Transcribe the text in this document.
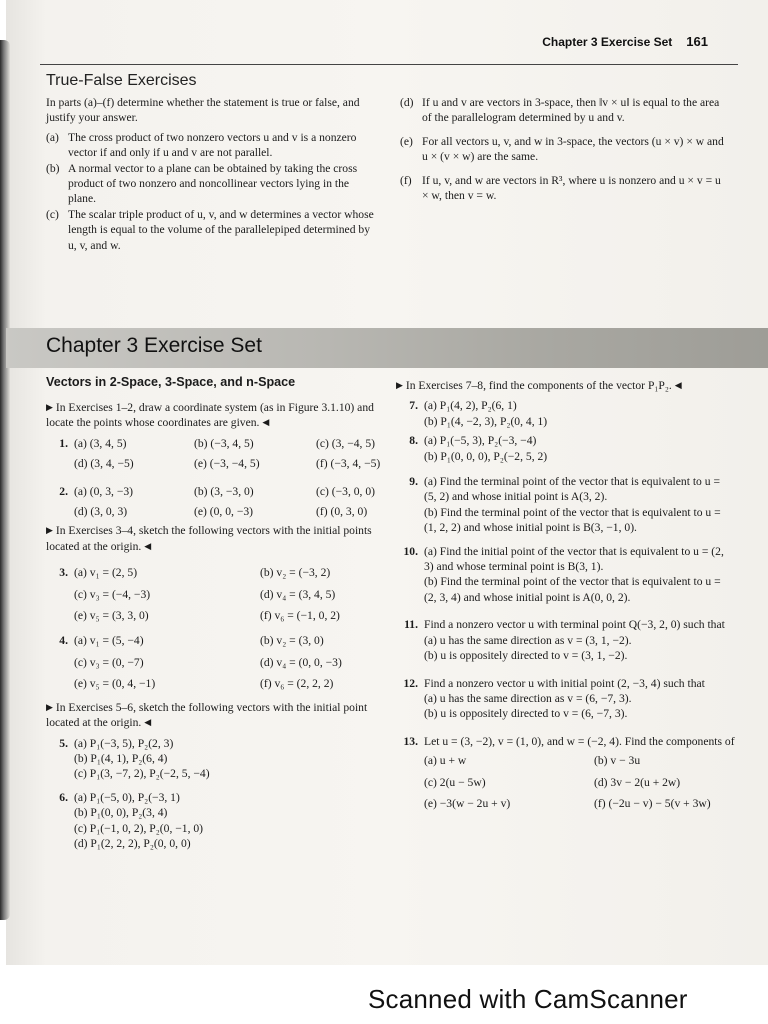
Chapter 3 Exercise Set 161
True-False Exercises

In parts (a)–(f) determine whether the statement is true or false, and justify your answer.

(a) The cross product of two nonzero vectors u and v is a nonzero vector if and only if u and v are not parallel.

(b) A normal vector to a plane can be obtained by taking the cross product of two nonzero and noncollinear vectors lying in the plane.

(c) The scalar triple product of u, v, and w determines a vector whose length is equal to the volume of the parallelepiped determined by u, v, and w.

(d) If u and v are vectors in 3-space, then ‖v × u‖ is equal to the area of the parallelogram determined by u and v.

(e) For all vectors u, v, and w in 3-space, the vectors (u × v) × w and u × (v × w) are the same.

(f) If u, v, and w are vectors in R³, where u is nonzero and u × v = u × w, then v = w.

Chapter 3 Exercise Set
Vectors in 2-Space, 3-Space, and n-Space

▶ In Exercises 1–2, draw a coordinate system (as in Figure 3.1.10) and locate the points whose coordinates are given. ◀

1. (a) (3, 4, 5)	(b) (−3, 4, 5)	(c) (3, −4, 5)
(d) (3, 4, −5)	(e) (−3, −4, 5)	(f) (−3, 4, −5)
2. (a) (0, 3, −3)	(b) (3, −3, 0)	(c) (−3, 0, 0)
(d) (3, 0, 3)	(e) (0, 0, −3)	(f) (0, 3, 0)

▶ In Exercises 3–4, sketch the following vectors with the initial points located at the origin. ◀

3. (a) v₁ = (2, 5)	(b) v₂ = (−3, 2)
(c) v₃ = (−4, −3)	(d) v₄ = (3, 4, 5)
(e) v₅ = (3, 3, 0)	(f) v₆ = (−1, 0, 2)
4. (a) v₁ = (5, −4)	(b) v₂ = (3, 0)
(c) v₃ = (0, −7)	(d) v₄ = (0, 0, −3)
(e) v₅ = (0, 4, −1)	(f) v₆ = (2, 2, 2)

▶ In Exercises 5–6, sketch the following vectors with the initial point located at the origin. ◀

5. (a) P₁(−3, 5), P₂(2, 3)

(b) P₁(4, 1), P₂(6, 4)

(c) P₁(3, −7, 2), P₂(−2, 5, −4)

6. (a) P₁(−5, 0), P₂(−3, 1)

(b) P₁(0, 0), P₂(3, 4)

(c) P₁(−1, 0, 2), P₂(0, −1, 0)

(d) P₁(2, 2, 2), P₂(0, 0, 0)

▶ In Exercises 7–8, find the components of the vector P₁P₂. ◀

7. (a) P₁(4, 2), P₂(6, 1)

(b) P₁(4, −2, 3), P₂(0, 4, 1)

8. (a) P₁(−5, 3), P₂(−3, −4)

(b) P₁(0, 0, 0), P₂(−2, 5, 2)

9. (a) Find the terminal point of the vector that is equivalent to u = (5, 2) and whose initial point is A(3, 2).

(b) Find the terminal point of the vector that is equivalent to u = (1, 2, 2) and whose initial point is B(3, −1, 0).

10. (a) Find the initial point of the vector that is equivalent to u = (2, 3) and whose terminal point is B(3, 1).

(b) Find the terminal point of the vector that is equivalent to u = (2, 3, 4) and whose initial point is A(0, 0, 2).

11. Find a nonzero vector u with terminal point Q(−3, 2, 0) such that

(a) u has the same direction as v = (3, 1, −2).

(b) u is oppositely directed to v = (3, 1, −2).

12. Find a nonzero vector u with initial point (2, −3, 4) such that

(a) u has the same direction as v = (6, −7, 3).

(b) u is oppositely directed to v = (6, −7, 3).

13. Let u = (3, −2), v = (1, 0), and w = (−2, 4). Find the components of

(a) u + w	(b) v − 3u
(c) 2(u − 5w)	(d) 3v − 2(u + 2w)
(e) −3(w − 2u + v)	(f) (−2u − v) − 5(v + 3w)
Scanned with CamScanner
